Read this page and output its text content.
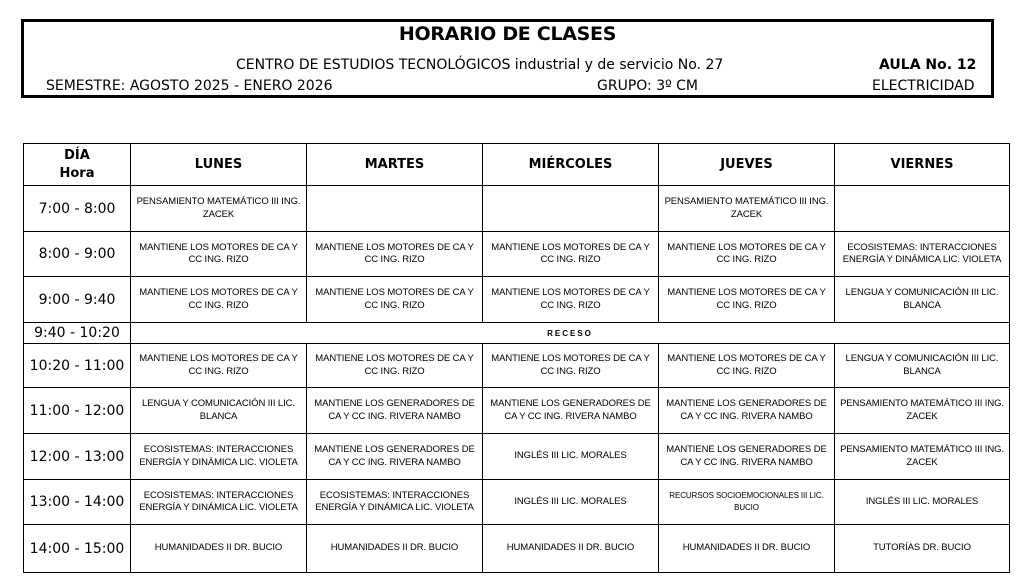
HORARIO DE CLASES
CENTRO DE ESTUDIOS TECNOLÓGICOS industrial y de servicio No. 27	AULA No. 12
SEMESTRE: AGOSTO 2025 - ENERO 2026	GRUPO: 3º CM	ELECTRICIDAD
DÍA
Hora	LUNES	MARTES	MIÉRCOLES	JUEVES	VIERNES
7:00 - 8:00	PENSAMIENTO MATEMÁTICO III ING. ZACEK			PENSAMIENTO MATEMÁTICO III ING. ZACEK	
8:00 - 9:00	MANTIENE LOS MOTORES DE CA Y CC ING. RIZO	MANTIENE LOS MOTORES DE CA Y CC ING. RIZO	MANTIENE LOS MOTORES DE CA Y CC ING. RIZO	MANTIENE LOS MOTORES DE CA Y CC ING. RIZO	ECOSISTEMAS: INTERACCIONES ENERGÍA Y DINÁMICA LIC. VIOLETA
9:00 - 9:40	MANTIENE LOS MOTORES DE CA Y CC ING. RIZO	MANTIENE LOS MOTORES DE CA Y CC ING. RIZO	MANTIENE LOS MOTORES DE CA Y CC ING. RIZO	MANTIENE LOS MOTORES DE CA Y CC ING. RIZO	LENGUA Y COMUNICACIÓN III LIC. BLANCA
9:40 - 10:20	RECESO				
10:20 - 11:00	MANTIENE LOS MOTORES DE CA Y CC ING. RIZO	MANTIENE LOS MOTORES DE CA Y CC ING. RIZO	MANTIENE LOS MOTORES DE CA Y CC ING. RIZO	MANTIENE LOS MOTORES DE CA Y CC ING. RIZO	LENGUA Y COMUNICACIÓN III LIC. BLANCA
11:00 - 12:00	LENGUA Y COMUNICACIÓN III LIC. BLANCA	MANTIENE LOS GENERADORES DE CA Y CC ING. RIVERA NAMBO	MANTIENE LOS GENERADORES DE CA Y CC ING. RIVERA NAMBO	MANTIENE LOS GENERADORES DE CA Y CC ING. RIVERA NAMBO	PENSAMIENTO MATEMÁTICO III ING. ZACEK
12:00 - 13:00	ECOSISTEMAS: INTERACCIONES ENERGÍA Y DINÁMICA LIC. VIOLETA	MANTIENE LOS GENERADORES DE CA Y CC ING. RIVERA NAMBO	INGLÉS III LIC. MORALES	MANTIENE LOS GENERADORES DE CA Y CC ING. RIVERA NAMBO	PENSAMIENTO MATEMÁTICO III ING. ZACEK
13:00 - 14:00	ECOSISTEMAS: INTERACCIONES ENERGÍA Y DINÁMICA LIC. VIOLETA	ECOSISTEMAS: INTERACCIONES ENERGÍA Y DINÁMICA LIC. VIOLETA	INGLÉS III LIC. MORALES	RECURSOS SOCIOEMOCIONALES III LIC. BUCIO	INGLÉS III LIC. MORALES
14:00 - 15:00	HUMANIDADES II DR. BUCIO	HUMANIDADES II DR. BUCIO	HUMANIDADES II DR. BUCIO	HUMANIDADES II DR. BUCIO	TUTORÍAS DR. BUCIO
